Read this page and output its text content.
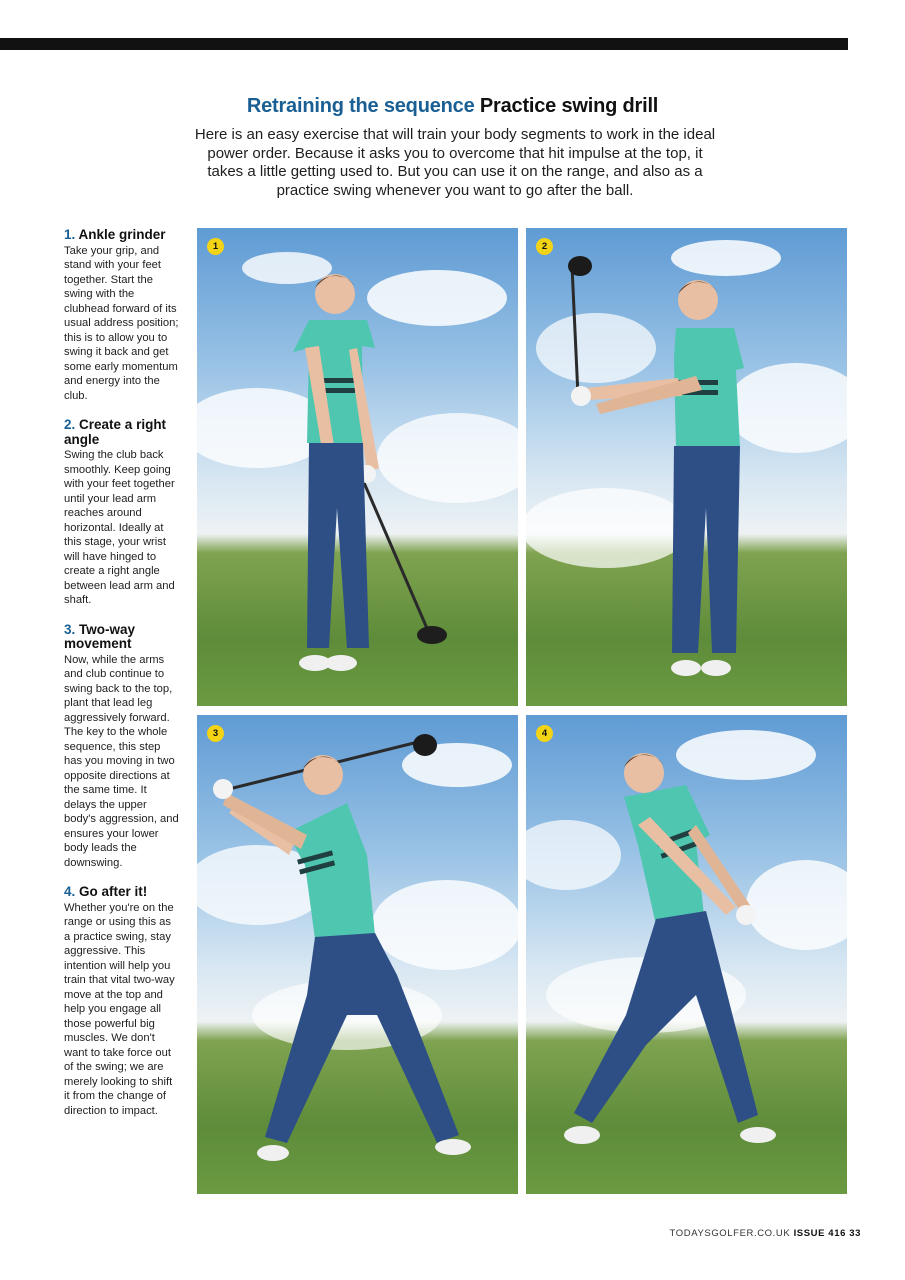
Retraining the sequence Practice swing drill
Here is an easy exercise that will train your body segments to work in the ideal power order. Because it asks you to overcome that hit impulse at the top, it takes a little getting used to. But you can use it on the range, and also as a practice swing whenever you want to go after the ball.
1. Ankle grinder
Take your grip, and stand with your feet together. Start the swing with the clubhead forward of its usual address position; this is to allow you to swing it back and get some early momentum and energy into the club.
2. Create a right angle
Swing the club back smoothly. Keep going with your feet together until your lead arm reaches around horizontal. Ideally at this stage, your wrist will have hinged to create a right angle between lead arm and shaft.
3. Two-way movement
Now, while the arms and club continue to swing back to the top, plant that lead leg aggressively forward. The key to the whole sequence, this step has you moving in two opposite directions at the same time. It delays the upper body's aggression, and ensures your lower body leads the downswing.
4. Go after it!
Whether you're on the range or using this as a practice swing, stay aggressive. This intention will help you train that vital two-way move at the top and help you engage all those powerful big muscles. We don't want to take force out of the swing; we are merely looking to shift it from the change of direction to impact.
1	2
3	4
TODAYSGOLFER.CO.UK ISSUE 416 33
